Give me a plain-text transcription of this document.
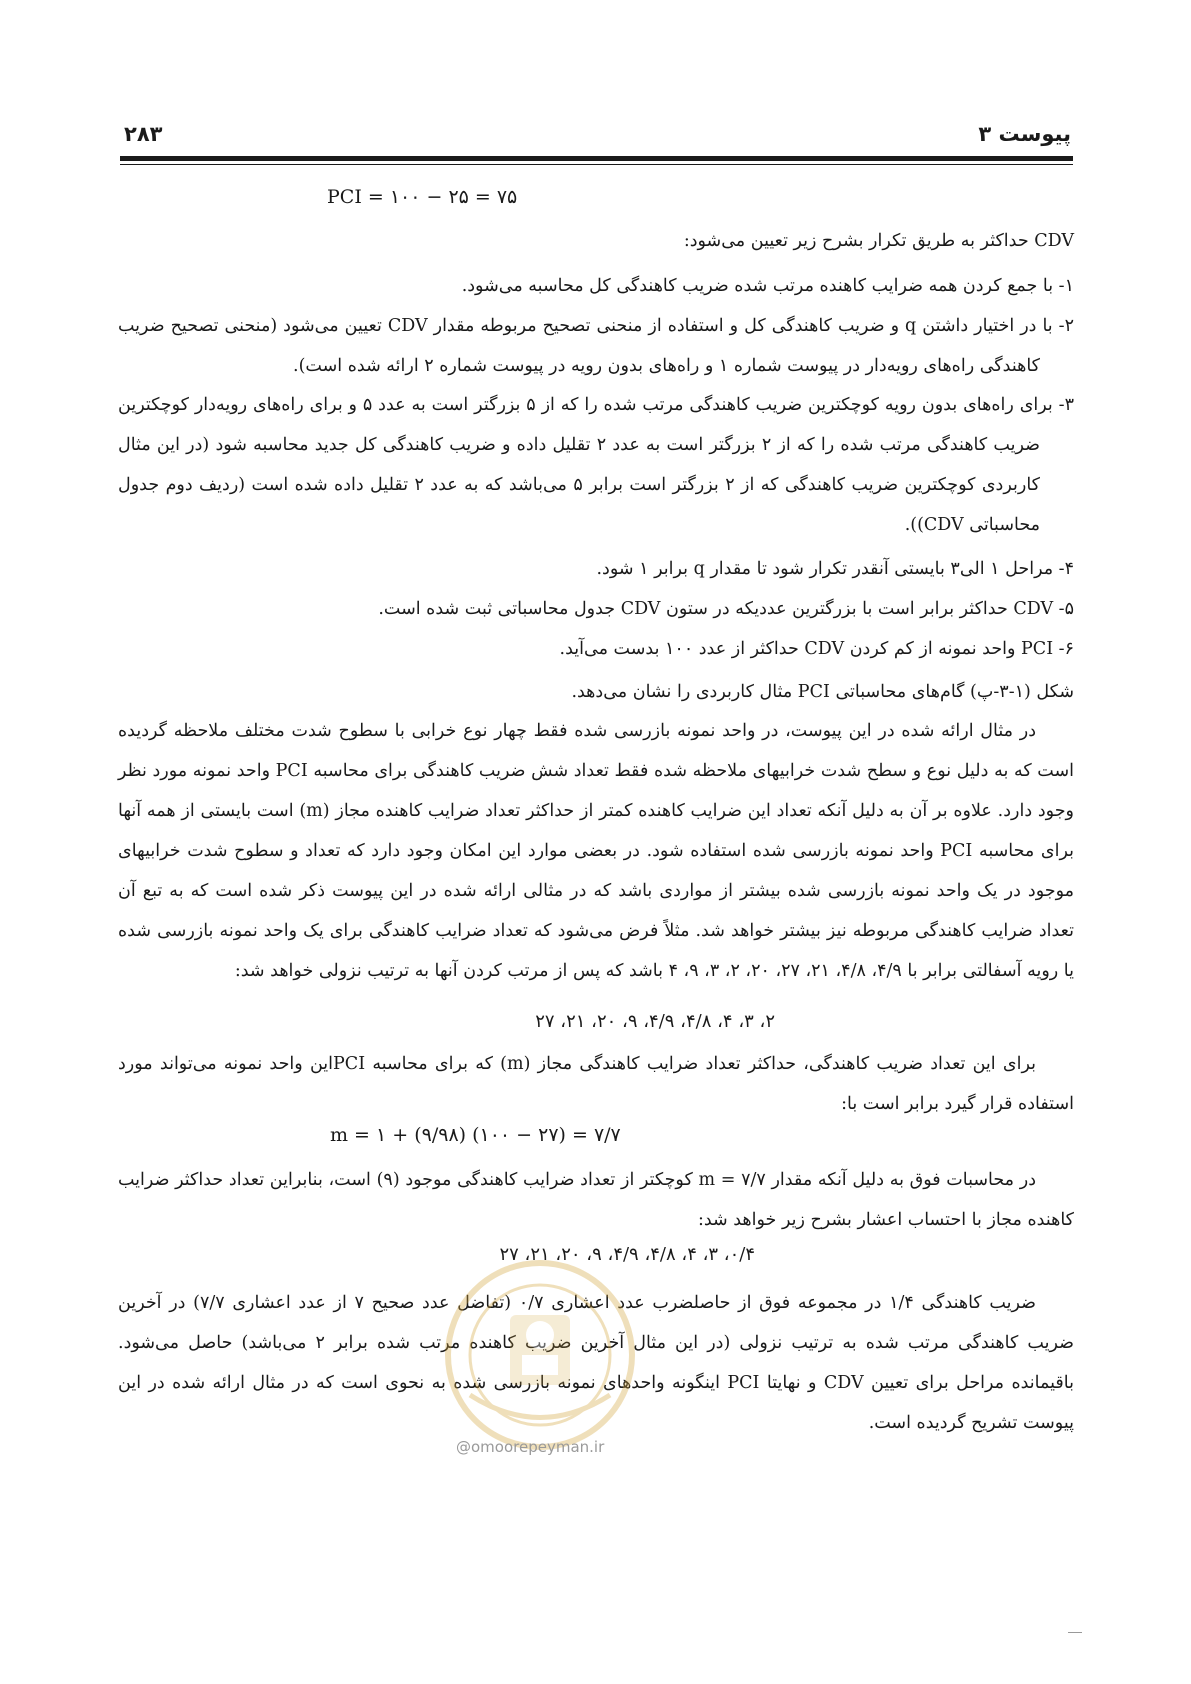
پیوست ۳
۲۸۳
PCI = ۱۰۰ − ۲۵ = ۷۵

CDV حداکثر به طریق تکرار بشرح زیر تعیین می‌شود:

۱- با جمع کردن همه ضرایب کاهنده مرتب شده ضریب کاهندگی کل محاسبه می‌شود.

۲- با در اختیار داشتن q و ضریب کاهندگی کل و استفاده از منحنی تصحیح مربوطه مقدار CDV تعیین می‌شود (منحنی تصحیح ضریب کاهندگی راه‌های رویه‌دار در پیوست شماره ۱ و راه‌های بدون رویه در پیوست شماره ۲ ارائه شده است).

۳- برای راه‌های بدون رویه کوچکترین ضریب کاهندگی مرتب شده را که از ۵ بزرگتر است به عدد ۵ و برای راه‌های رویه‌دار کوچکترین ضریب کاهندگی مرتب شده را که از ۲ بزرگتر است به عدد ۲ تقلیل داده و ضریب کاهندگی کل جدید محاسبه شود (در این مثال کاربردی کوچکترین ضریب کاهندگی که از ۲ بزرگتر است برابر ۵ می‌باشد که به عدد ۲ تقلیل داده شده است (ردیف دوم جدول محاسباتی CDV)).

۴- مراحل ۱ الی۳ بایستی آنقدر تکرار شود تا مقدار q برابر ۱ شود.

۵- CDV حداکثر برابر است با بزرگترین عددیکه در ستون CDV جدول محاسباتی ثبت شده است.

۶- PCI واحد نمونه از کم کردن CDV حداکثر از عدد ۱۰۰ بدست می‌آید.

شکل (۱-۳-پ) گام‌های محاسباتی PCI مثال کاربردی را نشان می‌دهد.

در مثال ارائه شده در این پیوست، در واحد نمونه بازرسی شده فقط چهار نوع خرابی با سطوح شدت مختلف ملاحظه گردیده است که به دلیل نوع و سطح شدت خرابیهای ملاحظه شده فقط تعداد شش ضریب کاهندگی برای محاسبه PCI واحد نمونه مورد نظر وجود دارد. علاوه بر آن به دلیل آنکه تعداد این ضرایب کاهنده کمتر از حداکثر تعداد ضرایب کاهنده مجاز (m) است بایستی از همه آنها برای محاسبه PCI واحد نمونه بازرسی شده استفاده شود. در بعضی موارد این امکان وجود دارد که تعداد و سطوح شدت خرابیهای موجود در یک واحد نمونه بازرسی شده بیشتر از مواردی باشد که در مثالی ارائه شده در این پیوست ذکر شده است که به تبع آن تعداد ضرایب کاهندگی مربوطه نیز بیشتر خواهد شد. مثلاً فرض می‌شود که تعداد ضرایب کاهندگی برای یک واحد نمونه بازرسی شده یا رویه آسفالتی برابر با ۴/۹، ۴/۸، ۲۱، ۲۷، ۲۰، ۲، ۳، ۹، ۴ باشد که پس از مرتب کردن آنها به ترتیب نزولی خواهد شد:

۲، ۳، ۴، ۴/۸، ۴/۹، ۹، ۲۰، ۲۱، ۲۷

برای این تعداد ضریب کاهندگی، حداکثر تعداد ضرایب کاهندگی مجاز (m) که برای محاسبه PCIاین واحد نمونه می‌تواند مورد استفاده قرار گیرد برابر است با:

m = ۱ + (۹/۹۸) (۱۰۰ − ۲۷) = ۷/۷

در محاسبات فوق به دلیل آنکه مقدار m = ۷/۷ کوچکتر از تعداد ضرایب کاهندگی موجود (۹) است، بنابراین تعداد حداکثر ضرایب کاهنده مجاز با احتساب اعشار بشرح زیر خواهد شد:

۰/۴، ۳، ۴، ۴/۸، ۴/۹، ۹، ۲۰، ۲۱، ۲۷

ضریب کاهندگی ۱/۴ در مجموعه فوق از حاصلضرب عدد اعشاری ۰/۷ (تفاضل عدد صحیح ۷ از عدد اعشاری ۷/۷) در آخرین ضریب کاهندگی مرتب شده به ترتیب نزولی (در این مثال آخرین ضریب کاهنده مرتب شده برابر ۲ می‌باشد) حاصل می‌شود. باقیمانده مراحل برای تعیین CDV و نهایتا PCI اینگونه واحدهای نمونه بازرسی شده به نحوی است که در مثال ارائه شده در این پیوست تشریح گردیده است.

@omoorepeyman.ir
